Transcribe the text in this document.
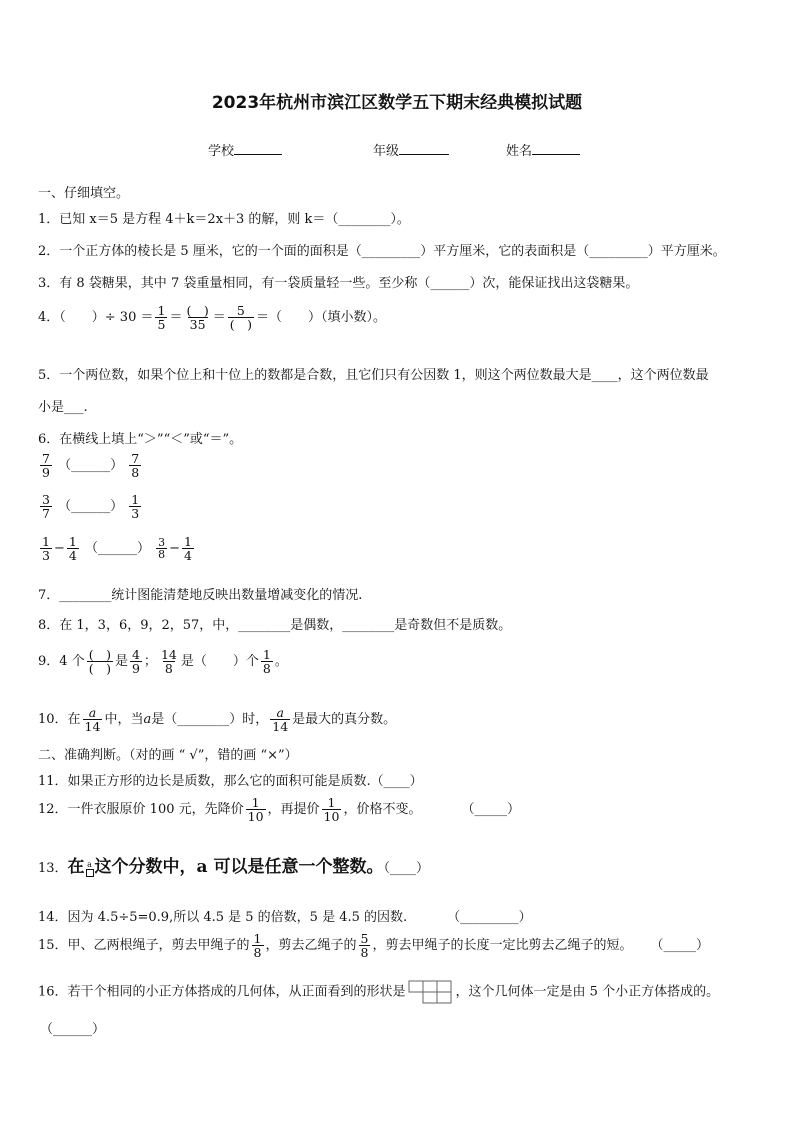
2023年杭州市滨江区数学五下期末经典模拟试题
学校	年级	姓名
一、仔细填空。
1．已知 x＝5 是方程 4＋k＝2x＋3 的解，则 k＝（________）。
2．一个正方体的棱长是 5 厘米，它的一个面的面积是（_________）平方厘米，它的表面积是（_________）平方厘米。
3．有 8 袋糖果，其中 7 袋重量相同，有一袋质量轻一些。至少称（______）次，能保证找出这袋糖果。
4．（　　）÷ $30 = \frac{1}{5} = \frac{( )}{35} = \frac{5}{( )}$ ＝（　　）（填小数）。
5．一个两位数，如果个位上和十位上的数都是合数，且它们只有公因数 1，则这个两位数最大是____，这个两位数最
小是___.
6．在横线上填上“＞”“＜”或“＝”。
$\frac{7}{9}$ （______） $\frac{7}{8}$
$\frac{3}{7}$ （______） $\frac{1}{3}$
$\frac{1}{3} - \frac{1}{4}$ （______） $\frac{3}{8} - \frac{1}{4}$
7．________统计图能清楚地反映出数量增减变化的情况.
8．在 1，3，6，9，2，57，中，________是偶数，________是奇数但不是质数。
9．4 个 $\frac{( )}{( )}$ 是 $\frac{4}{9}$ ； $\frac{14}{8}$ 是（　　）个 $\frac{1}{8}$ 。
10．在 $\frac{a}{14}$ 中，当a是（________）时， $\frac{a}{14}$ 是最大的真分数。
二、准确判断。（对的画 “ √”，错的画 “×”）
11．如果正方形的边长是质数，那么它的面积可能是质数.（____）
12．一件衣服原价 100 元，先降价 $\frac{1}{10}$ ，再提价 $\frac{1}{10}$ ，价格不变。	（_____）
13．在 a 这个分数中，a 可以是任意一个整数。（____）
14．因为 4.5÷5=0.9,所以 4.5 是 5 的倍数，5 是 4.5 的因数.	（_________）
15．甲、乙两根绳子，剪去甲绳子的 $\frac{1}{8}$ ，剪去乙绳子的 $\frac{5}{8}$ ，剪去甲绳子的长度一定比剪去乙绳子的短。 （_____）
16．若干个相同的小正方体搭成的几何体，从正面看到的形状是	，这个几何体一定是由 5 个小正方体搭成的。
（______）
